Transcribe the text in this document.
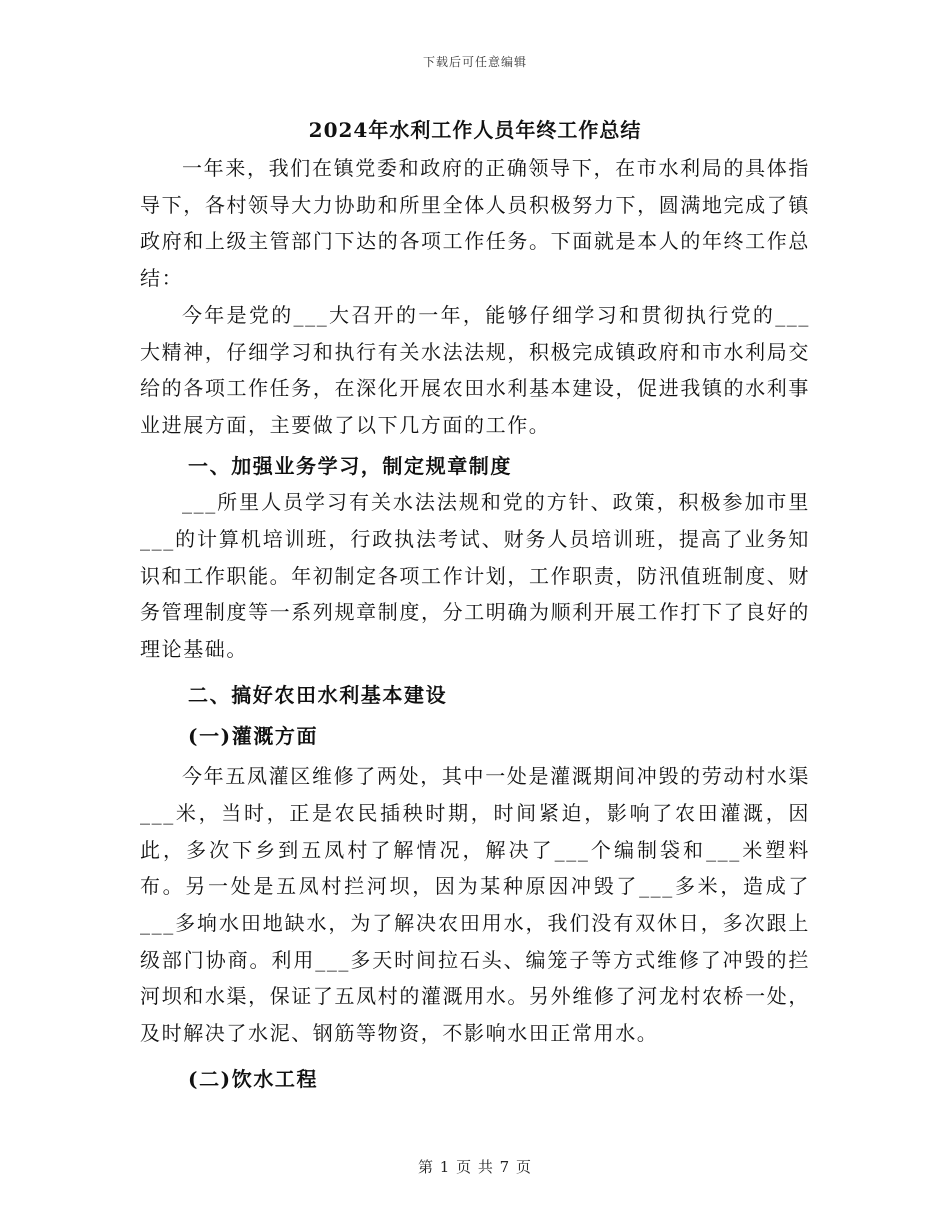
下载后可任意编辑
2024年水利工作人员年终工作总结

一年来，我们在镇党委和政府的正确领导下，在市水利局的具体指导下，各村领导大力协助和所里全体人员积极努力下，圆满地完成了镇政府和上级主管部门下达的各项工作任务。下面就是本人的年终工作总结：

今年是党的___大召开的一年，能够仔细学习和贯彻执行党的___大精神，仔细学习和执行有关水法法规，积极完成镇政府和市水利局交给的各项工作任务，在深化开展农田水利基本建设，促进我镇的水利事业进展方面，主要做了以下几方面的工作。

一、加强业务学习，制定规章制度

___所里人员学习有关水法法规和党的方针、政策，积极参加市里___的计算机培训班，行政执法考试、财务人员培训班，提高了业务知识和工作职能。年初制定各项工作计划，工作职责，防汛值班制度、财务管理制度等一系列规章制度，分工明确为顺利开展工作打下了良好的理论基础。

二、搞好农田水利基本建设

(一)灌溉方面

今年五凤灌区维修了两处，其中一处是灌溉期间冲毁的劳动村水渠___米，当时，正是农民插秧时期，时间紧迫，影响了农田灌溉，因此，多次下乡到五凤村了解情况，解决了___个编制袋和___米塑料布。另一处是五凤村拦河坝，因为某种原因冲毁了___多米，造成了___多垧水田地缺水，为了解决农田用水，我们没有双休日，多次跟上级部门协商。利用___多天时间拉石头、编笼子等方式维修了冲毁的拦河坝和水渠，保证了五凤村的灌溉用水。另外维修了河龙村农桥一处，及时解决了水泥、钢筋等物资，不影响水田正常用水。

(二)饮水工程

第 1 页 共 7 页
